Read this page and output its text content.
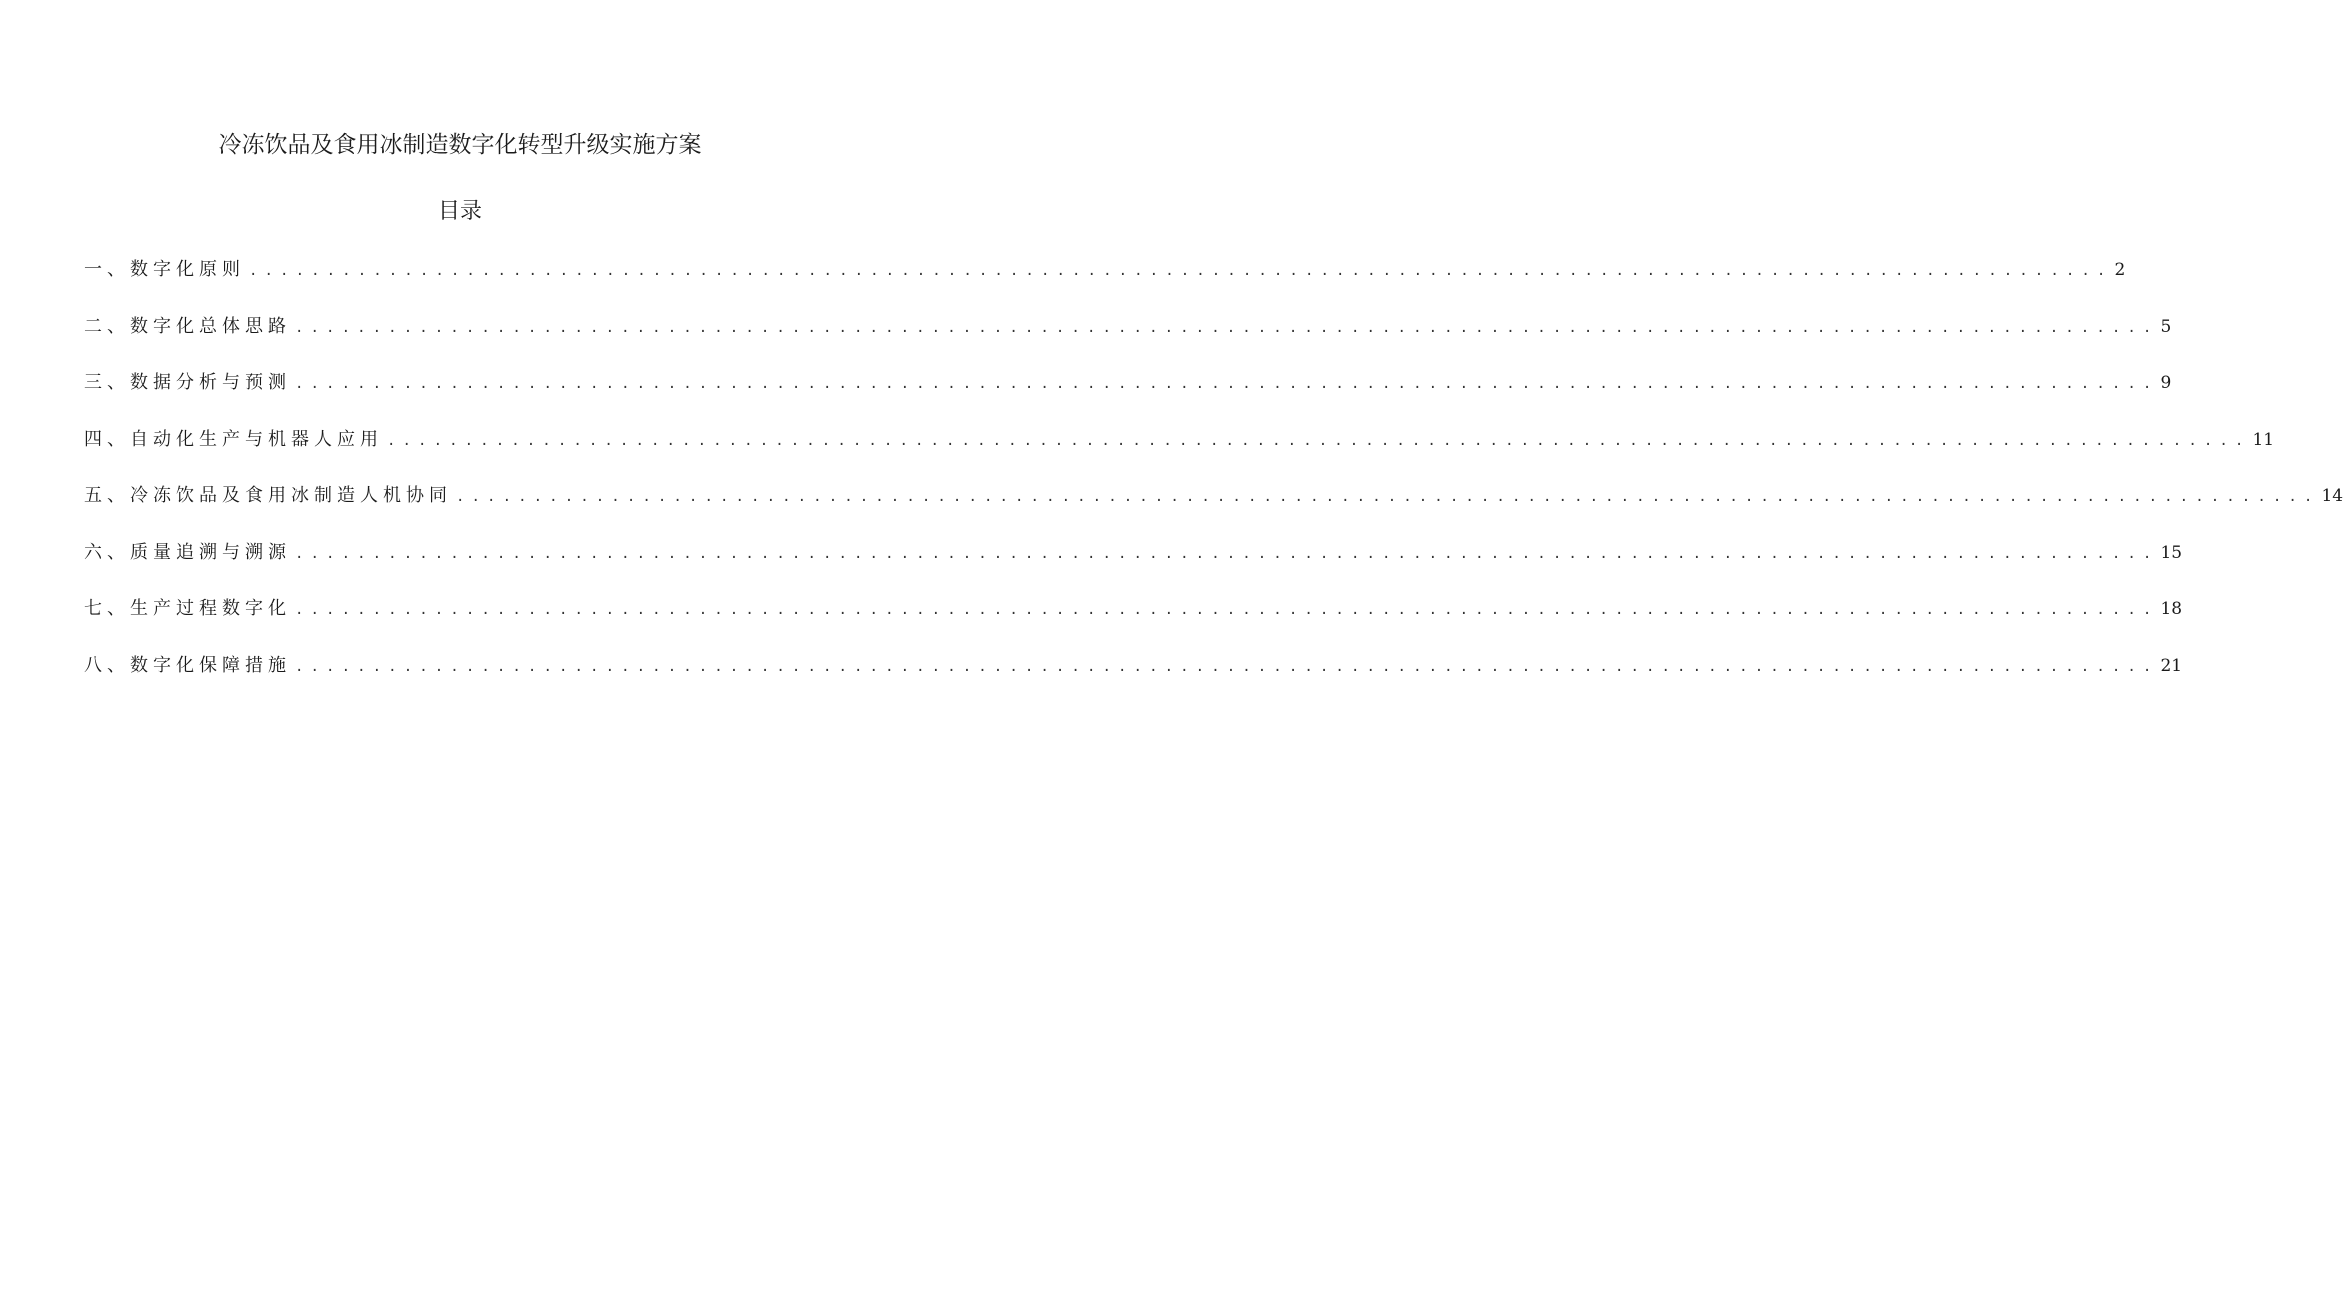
冷冻饮品及食用冰制造数字化转型升级实施方案
目录
一、数字化原则 ........................................................................................................................ 2
二、数字化总体思路 ........................................................................................................................ 5
三、数据分析与预测 ........................................................................................................................ 9
四、自动化生产与机器人应用 ........................................................................................................................ 11
五、冷冻饮品及食用冰制造人机协同 ........................................................................................................................ 14
六、质量追溯与溯源 ........................................................................................................................ 15
七、生产过程数字化 ........................................................................................................................ 18
八、数字化保障措施 ........................................................................................................................ 21
